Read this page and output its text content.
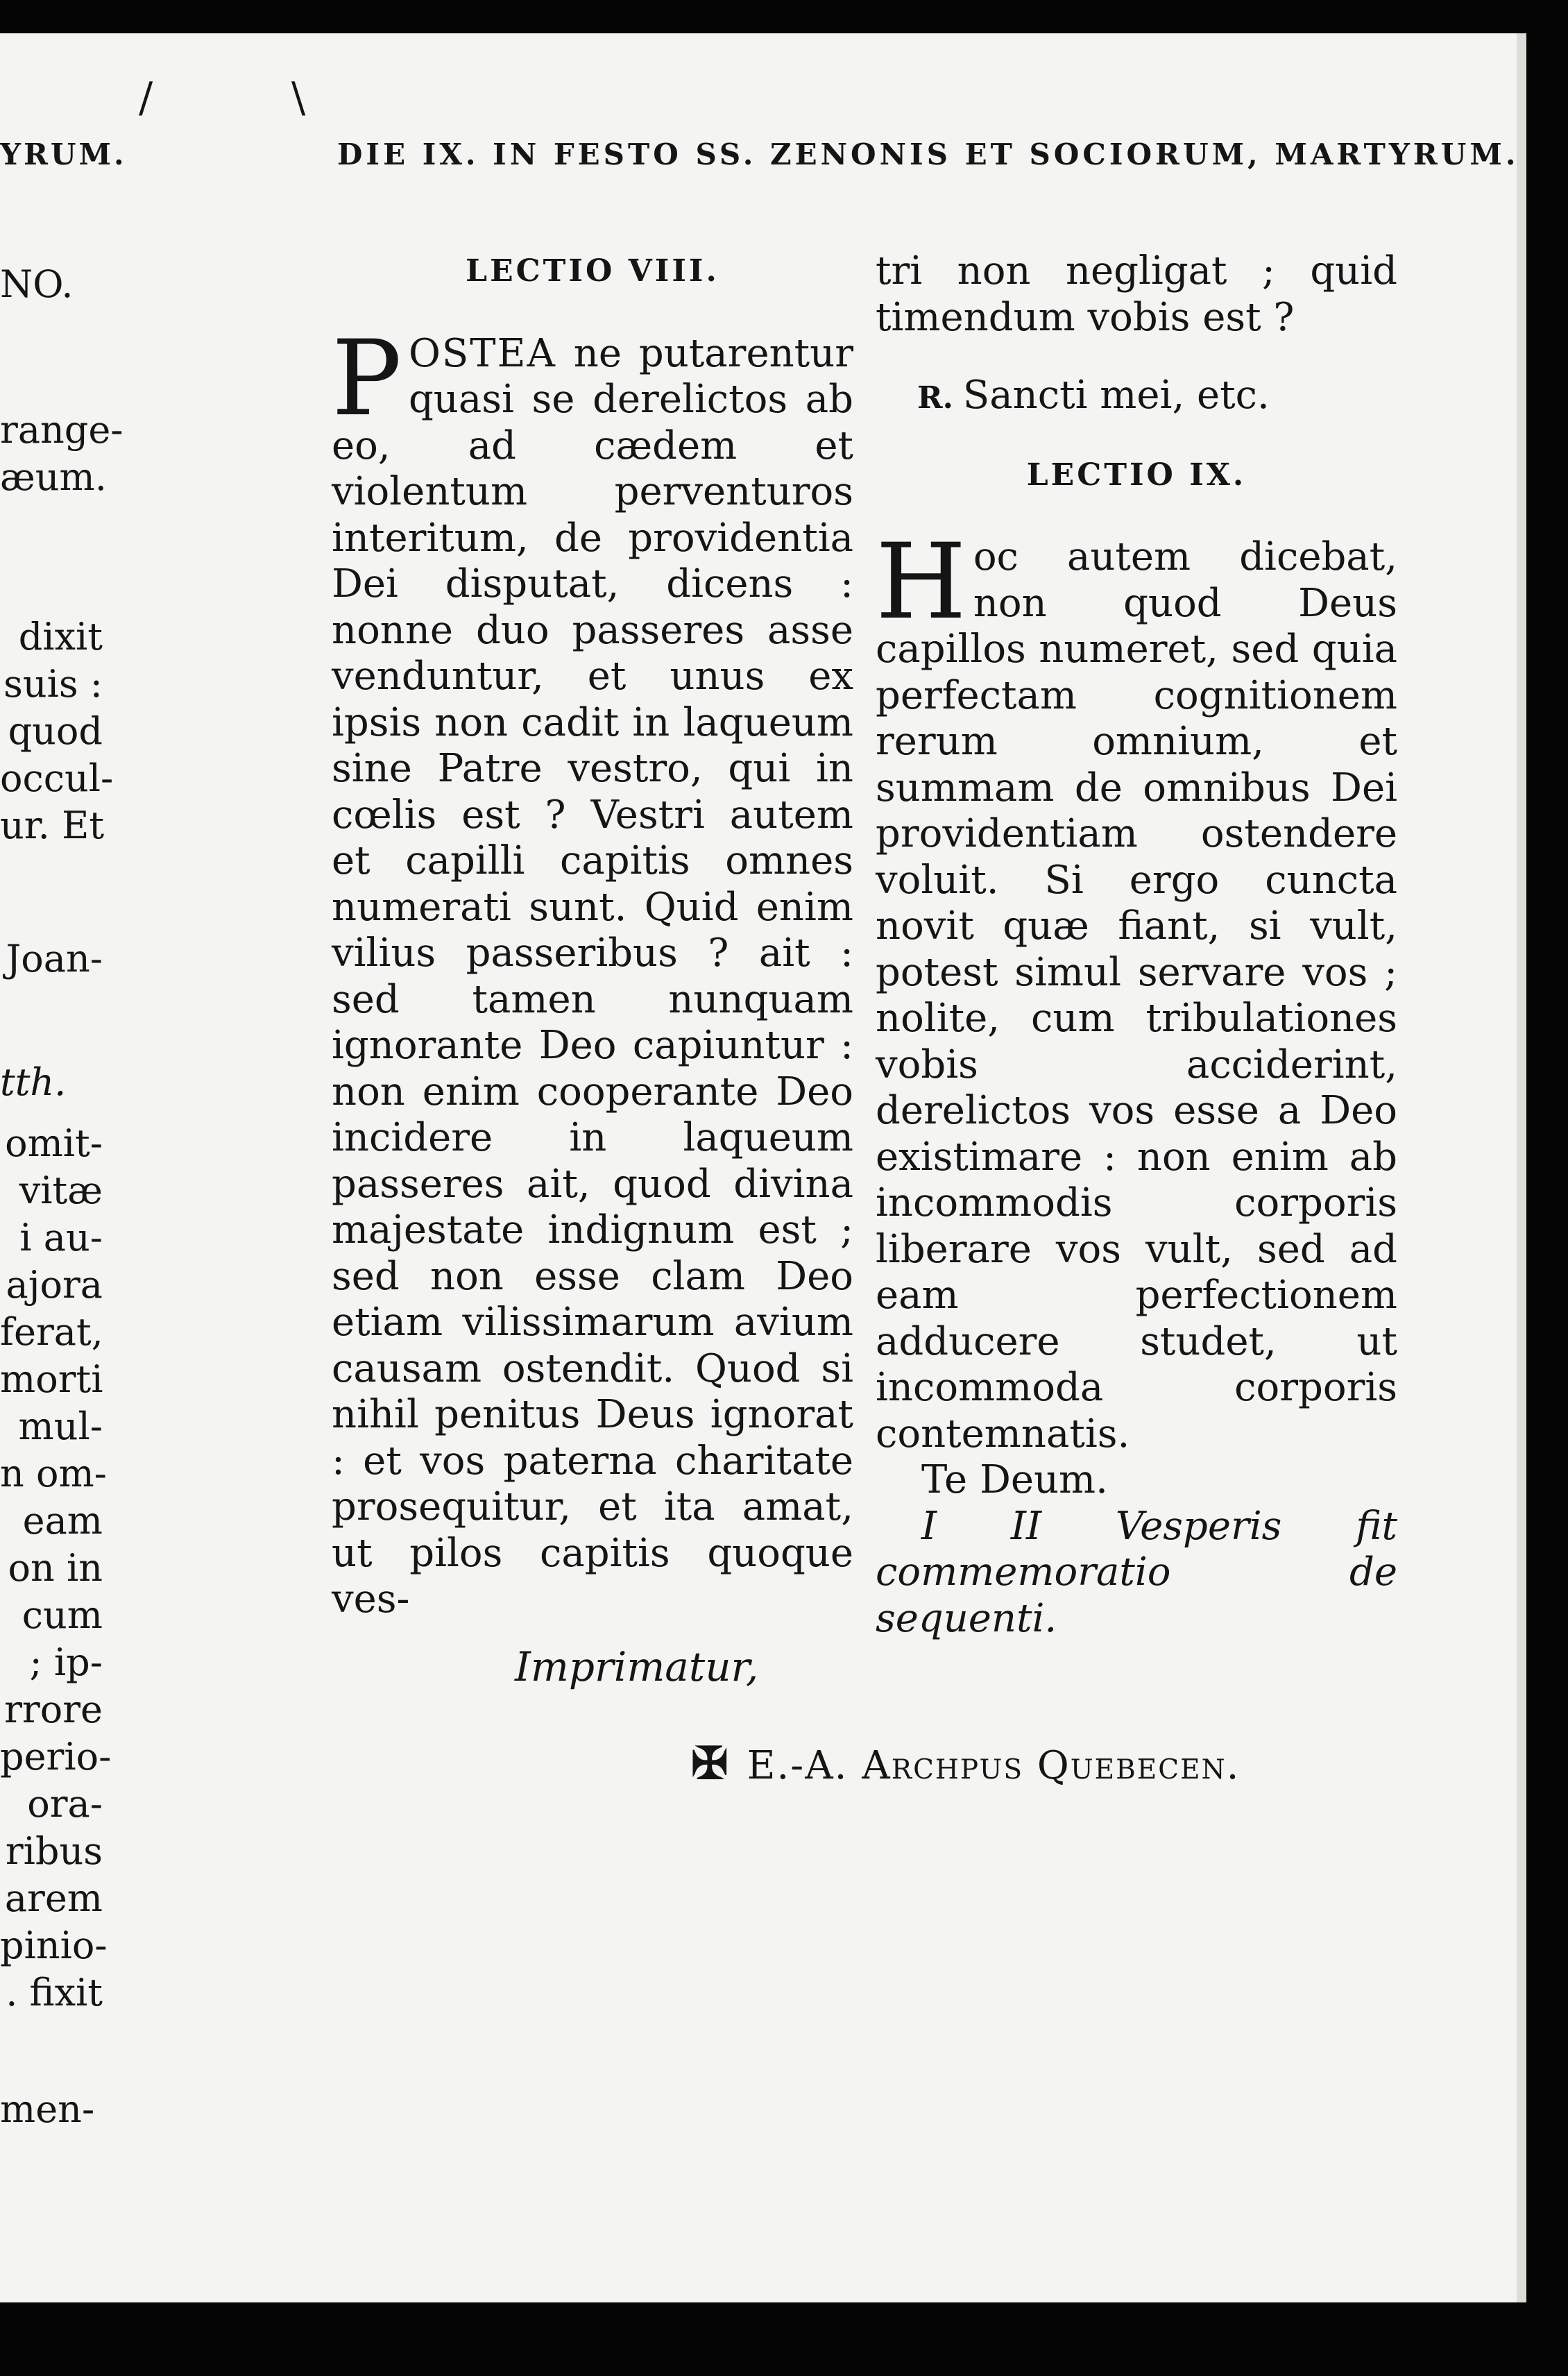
/	\
YRUM.	DIE IX. IN FESTO SS. ZENONIS ET SOCIORUM, MARTYRUM.
NO.
range-
æum.
dixit
suis :
quod
occul-
ur. Et
Joan-
tth.
omit-
vitæ
i au-
ajora
ferat,
morti
mul-
n om-
eam
on in
cum
; ip-
rrore
perio-
ora-
ribus
arem
pinio-
. fixit
men-
LECTIO VIII.

POSTEA ne putarentur quasi se derelictos ab eo, ad cædem et violentum perventuros interitum, de providentia Dei disputat, dicens : nonne duo passeres asse venduntur, et unus ex ipsis non cadit in laqueum sine Patre vestro, qui in cœlis est ? Vestri autem et capilli capitis omnes numerati sunt. Quid enim vilius passeribus ? ait : sed tamen nunquam ignorante Deo capiuntur : non enim cooperante Deo incidere in laqueum passeres ait, quod divina majestate indignum est ; sed non esse clam Deo etiam vilissimarum avium causam ostendit. Quod si nihil penitus Deus ignorat : et vos paterna charitate prosequitur, et ita amat, ut pilos capitis quoque ves-

tri non negligat ; quid timendum vobis est ?

R. Sancti mei, etc.
LECTIO IX.

Hoc autem dicebat, non quod Deus capillos numeret, sed quia perfectam cognitionem rerum omnium, et summam de omnibus Dei providentiam ostendere voluit. Si ergo cuncta novit quæ fiant, si vult, potest simul servare vos ; nolite, cum tribulationes vobis acciderint, derelictos vos esse a Deo existimare : non enim ab incommodis corporis liberare vos vult, sed ad eam perfectionem adducere studet, ut incommoda corporis contemnatis.

Te Deum.

I II Vesperis fit commemoratio de sequenti.

Imprimatur,
✠ E.-A. Archpus Quebecen.
